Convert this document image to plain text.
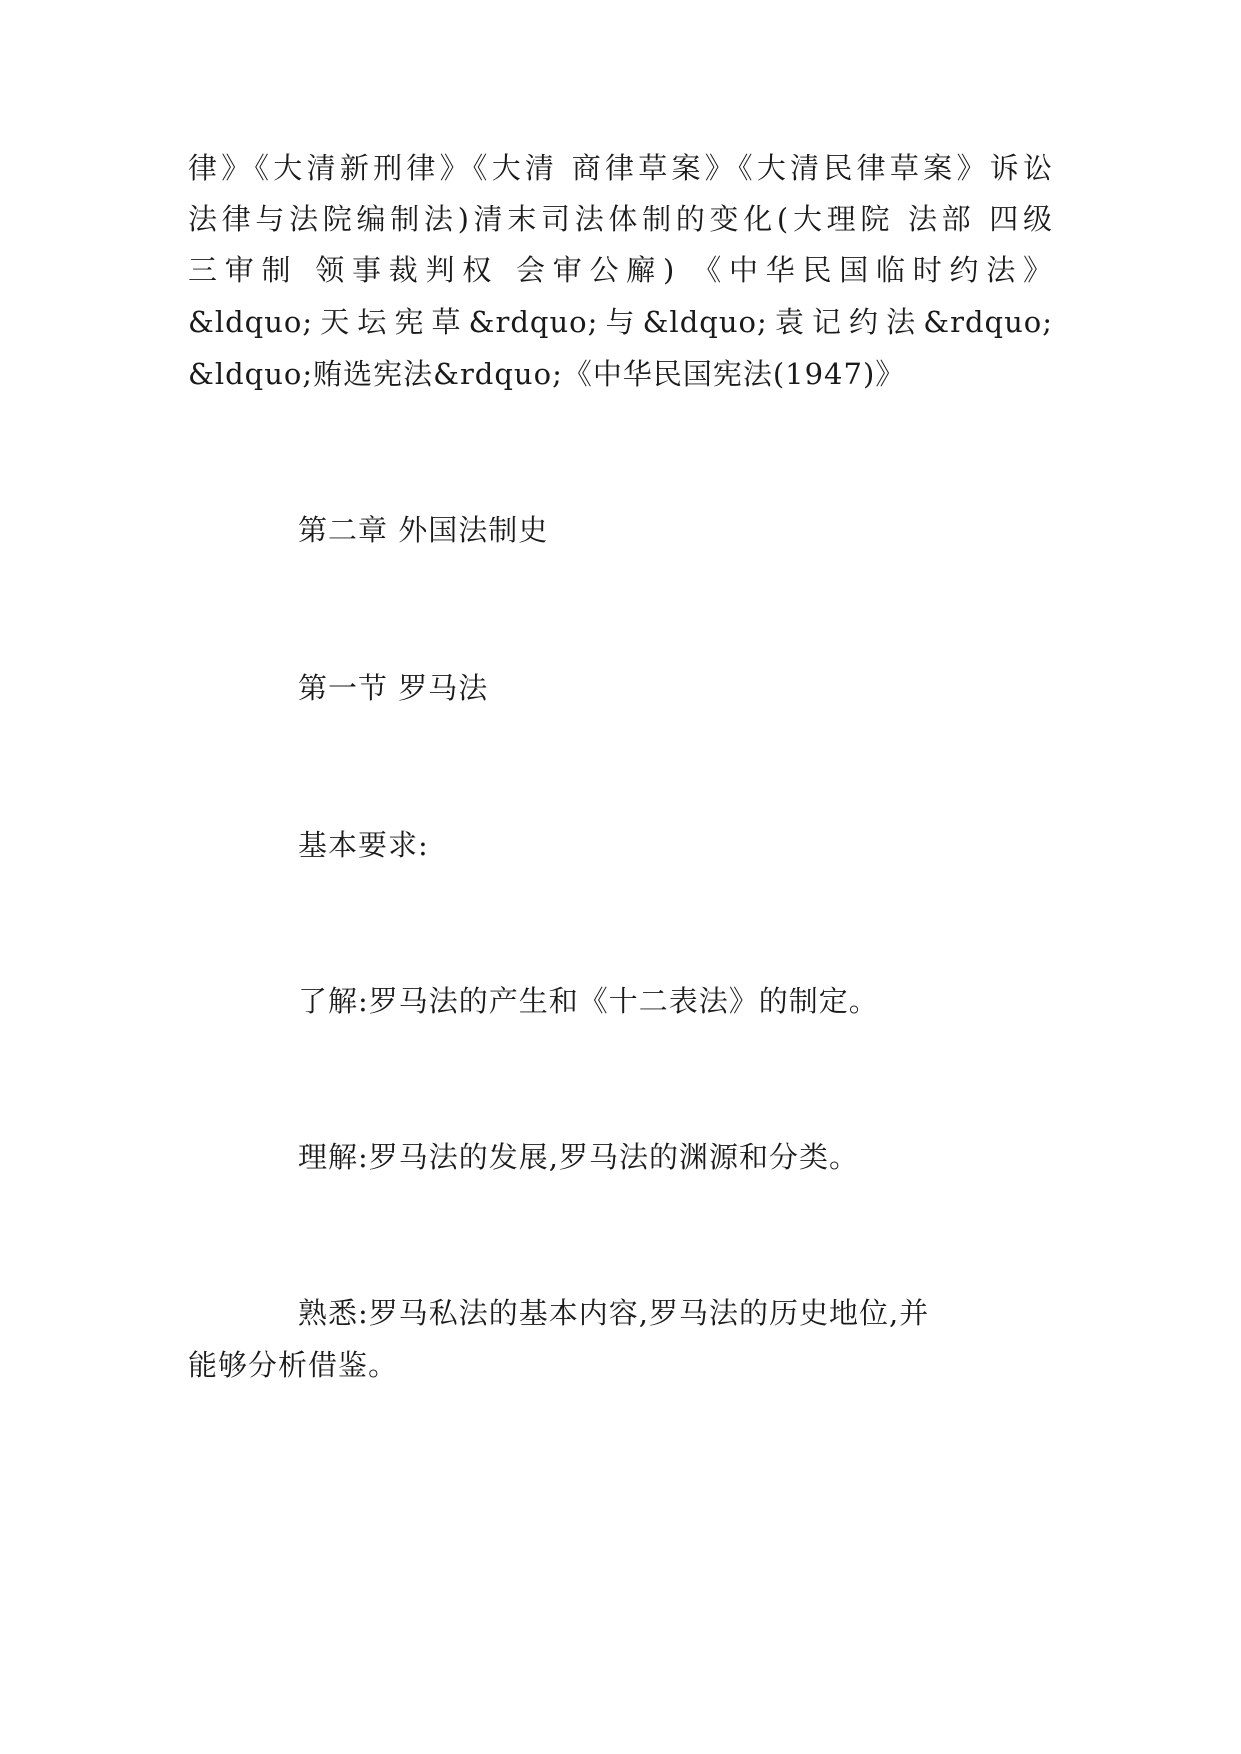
律》《大清新刑律》《大清 商律草案》《大清民律草案》诉讼
法律与法院编制法)清末司法体制的变化(大理院 法部 四级
三审制 领事裁判权 会审公廨) 《中华民国临时约法》
&ldquo;天坛宪草&rdquo;与&ldquo;袁记约法&rdquo;
&ldquo;贿选宪法&rdquo;《中华民国宪法(1947)》
第二章 外国法制史
第一节 罗马法
基本要求:
了解:罗马法的产生和《十二表法》的制定。
理解:罗马法的发展,罗马法的渊源和分类。
熟悉:罗马私法的基本内容,罗马法的历史地位,并
能够分析借鉴。
